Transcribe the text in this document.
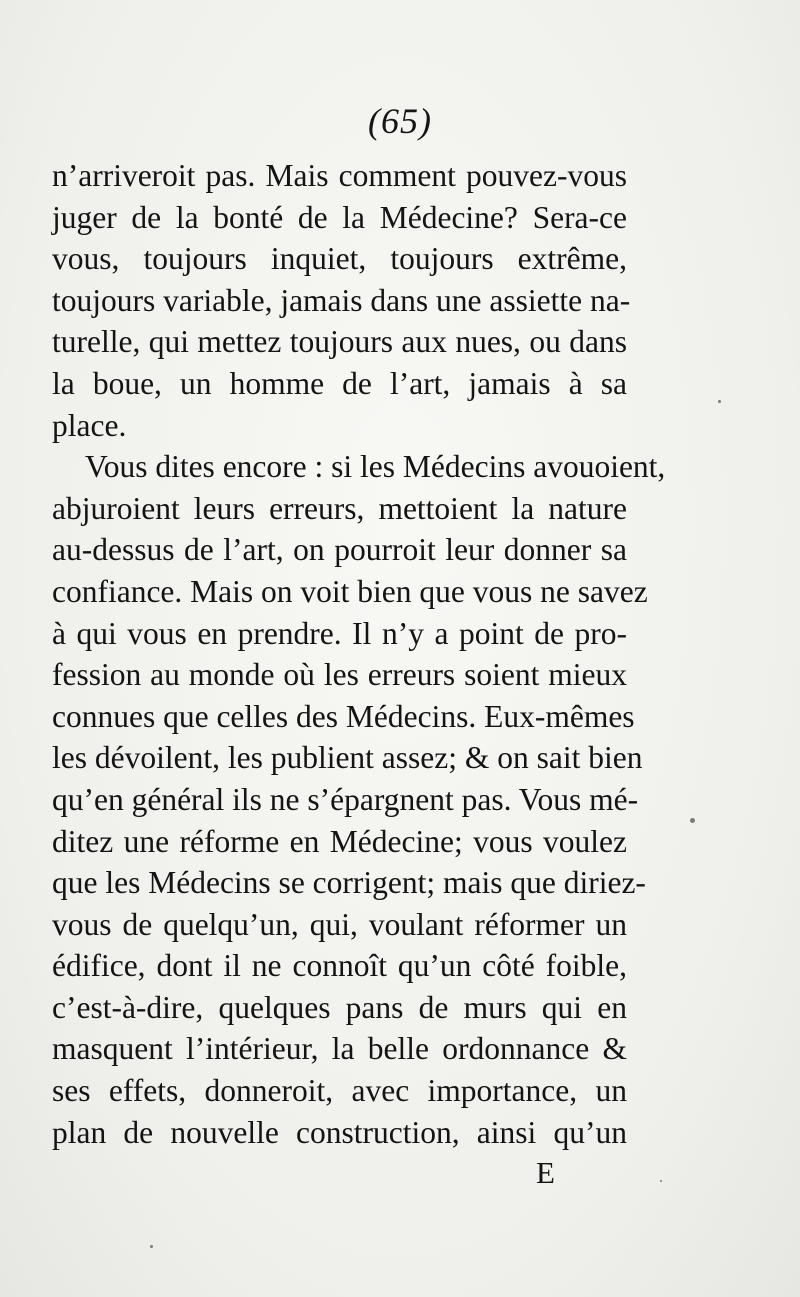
(65)
n’arriveroit pas. Mais comment pouvez-vous
juger de la bonté de la Médecine? Sera-ce
vous, toujours inquiet, toujours extrême,
toujours variable, jamais dans une assiette na-
turelle, qui mettez toujours aux nues, ou dans
la boue, un homme de l’art, jamais à sa
place.
Vous dites encore : si les Médecins avouoient,
abjuroient leurs erreurs, mettoient la nature
au-dessus de l’art, on pourroit leur donner sa
confiance. Mais on voit bien que vous ne savez
à qui vous en prendre. Il n’y a point de pro-
fession au monde où les erreurs soient mieux
connues que celles des Médecins. Eux-mêmes
les dévoilent, les publient assez; & on sait bien
qu’en général ils ne s’épargnent pas. Vous mé-
ditez une réforme en Médecine; vous voulez
que les Médecins se corrigent; mais que diriez-
vous de quelqu’un, qui, voulant réformer un
édifice, dont il ne connoît qu’un côté foible,
c’est-à-dire, quelques pans de murs qui en
masquent l’intérieur, la belle ordonnance &
ses effets, donneroit, avec importance, un
plan de nouvelle construction, ainsi qu’un
E
